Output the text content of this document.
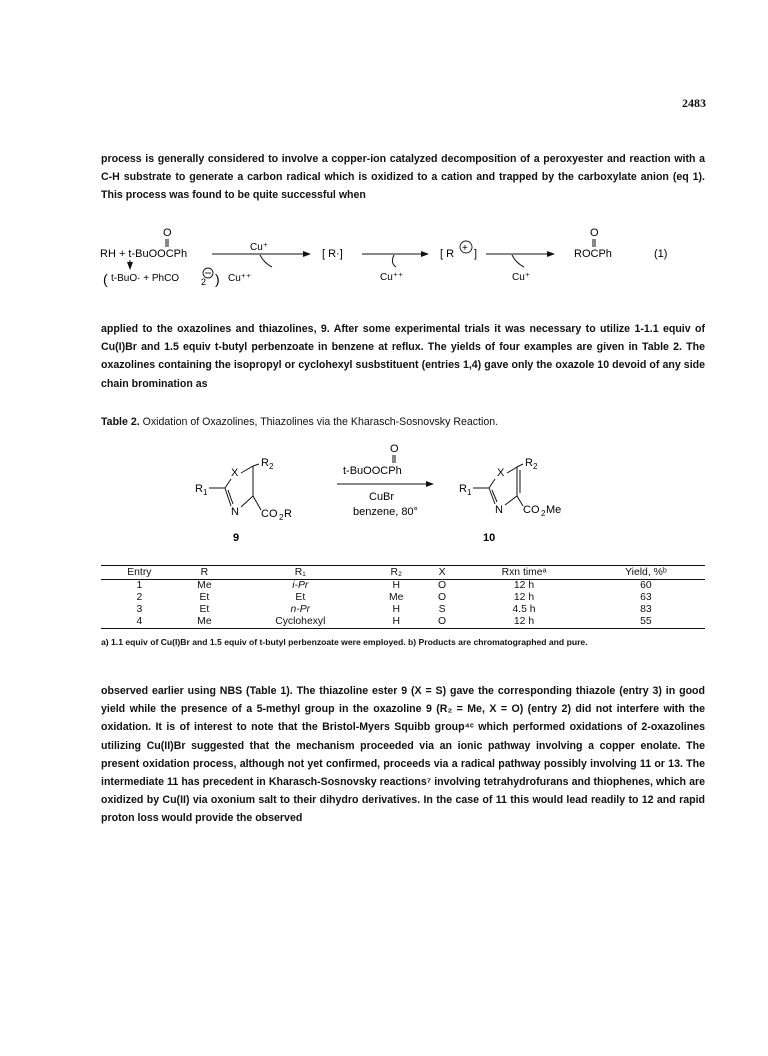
2483

process is generally considered to involve a copper-ion catalyzed decomposition of a peroxyester and reaction with a C-H substrate to generate a carbon radical which is oxidized to a cation and trapped by the carboxylate anion (eq 1). This process was found to be quite successful when

O
RH + t-BuOOCPh
Cu⁺
[ R·]
Cu⁺⁺
[ R + ]
Cu⁺
O
ROCPh	(1)
( t-BuO· + PhCO 2 ) Cu⁺⁺

applied to the oxazolines and thiazolines, 9. After some experimental trials it was necessary to utilize 1-1.1 equiv of Cu(I)Br and 1.5 equiv t-butyl perbenzoate in benzene at reflux. The yields of four examples are given in Table 2. The oxazolines containing the isopropyl or cyclohexyl susbstituent (entries 1,4) gave only the oxazole 10 devoid of any side chain bromination as

Table 2. Oxidation of Oxazolines, Thiazolines via the Kharasch-Sosnovsky Reaction.
X
R 2
R 1
N CO 2 R
9
O
t-BuOOCPh
CuBr
benzene, 80°
X
R 2
R 1
N CO 2 Me
10
Entry	R	R₁	R₂	X	Rxn timeᵃ	Yield, %ᵇ
1	Me	i-Pr	H	O	12 h	60
2	Et	Et	Me	O	12 h	63
3	Et	n-Pr	H	S	4.5 h	83
4	Me	Cyclohexyl	H	O	12 h	55

a) 1.1 equiv of Cu(I)Br and 1.5 equiv of t-butyl perbenzoate were employed. b) Products are chromatographed and pure.

observed earlier using NBS (Table 1). The thiazoline ester 9 (X = S) gave the corresponding thiazole (entry 3) in good yield while the presence of a 5-methyl group in the oxazoline 9 (R₂ = Me, X = O) (entry 2) did not interfere with the oxidation. It is of interest to note that the Bristol-Myers Squibb group⁴ᶜ which performed oxidations of 2-oxazolines utilizing Cu(II)Br suggested that the mechanism proceeded via an ionic pathway involving a copper enolate. The present oxidation process, although not yet confirmed, proceeds via a radical pathway possibly involving 11 or 13. The intermediate 11 has precedent in Kharasch-Sosnovsky reactions⁷ involving tetrahydrofurans and thiophenes, which are oxidized by Cu(II) via oxonium salt to their dihydro derivatives. In the case of 11 this would lead readily to 12 and rapid proton loss would provide the observed
